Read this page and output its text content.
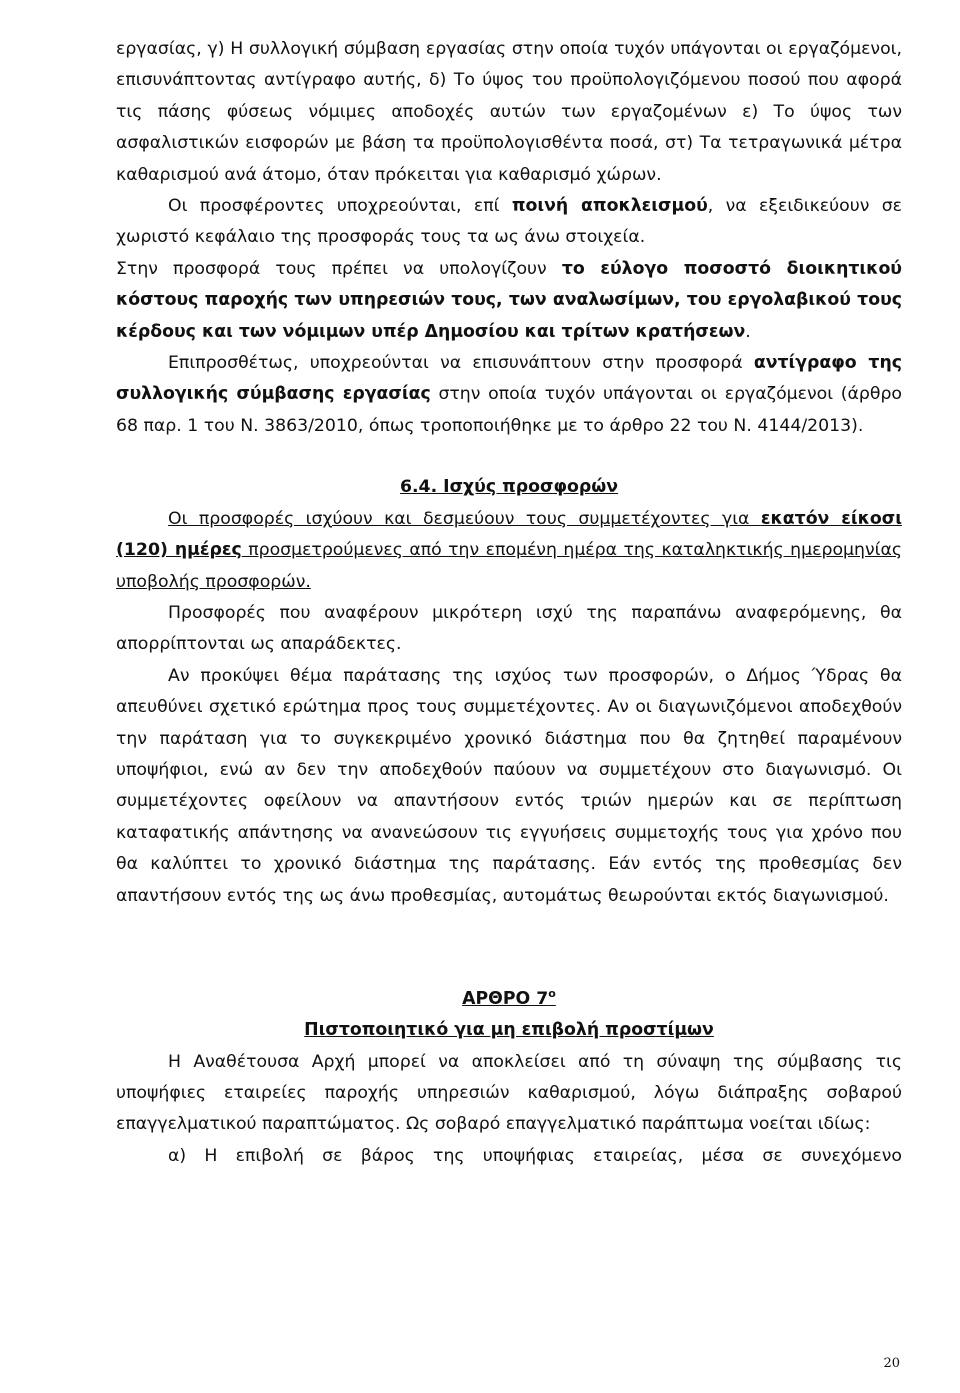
εργασίας, γ) Η συλλογική σύμβαση εργασίας στην οποία τυχόν υπάγονται οι εργαζόμενοι, επισυνάπτοντας αντίγραφο αυτής, δ) Το ύψος του προϋπολογιζόμενου ποσού που αφορά τις πάσης φύσεως νόμιμες αποδοχές αυτών των εργαζομένων ε) Το ύψος των ασφαλιστικών εισφορών με βάση τα προϋπολογισθέντα ποσά, στ) Τα τετραγωνικά μέτρα καθαρισμού ανά άτομο, όταν πρόκειται για καθαρισμό χώρων.

Οι προσφέροντες υποχρεούνται, επί ποινή αποκλεισμού, να εξειδικεύουν σε χωριστό κεφάλαιο της προσφοράς τους τα ως άνω στοιχεία.

Στην προσφορά τους πρέπει να υπολογίζουν το εύλογο ποσοστό διοικητικού κόστους παροχής των υπηρεσιών τους, των αναλωσίμων, του εργολαβικού τους κέρδους και των νόμιμων υπέρ Δημοσίου και τρίτων κρατήσεων.

Επιπροσθέτως, υποχρεούνται να επισυνάπτουν στην προσφορά αντίγραφο της συλλογικής σύμβασης εργασίας στην οποία τυχόν υπάγονται οι εργαζόμενοι (άρθρο 68 παρ. 1 του Ν. 3863/2010, όπως τροποποιήθηκε με το άρθρο 22 του Ν. 4144/2013).

6.4. Ισχύς προσφορών

Οι προσφορές ισχύουν και δεσμεύουν τους συμμετέχοντες για εκατόν είκοσι (120) ημέρες προσμετρούμενες από την επομένη ημέρα της καταληκτικής ημερομηνίας υποβολής προσφορών.

Προσφορές που αναφέρουν μικρότερη ισχύ της παραπάνω αναφερόμενης, θα απορρίπτονται ως απαράδεκτες.

Αν προκύψει θέμα παράτασης της ισχύος των προσφορών, ο Δήμος Ύδρας θα απευθύνει σχετικό ερώτημα προς τους συμμετέχοντες. Αν οι διαγωνιζόμενοι αποδεχθούν την παράταση για το συγκεκριμένο χρονικό διάστημα που θα ζητηθεί παραμένουν υποψήφιοι, ενώ αν δεν την αποδεχθούν παύουν να συμμετέχουν στο διαγωνισμό. Οι συμμετέχοντες οφείλουν να απαντήσουν εντός τριών ημερών και σε περίπτωση καταφατικής απάντησης να ανανεώσουν τις εγγυήσεις συμμετοχής τους για χρόνο που θα καλύπτει το χρονικό διάστημα της παράτασης. Εάν εντός της προθεσμίας δεν απαντήσουν εντός της ως άνω προθεσμίας, αυτομάτως θεωρούνται εκτός διαγωνισμού.

ΑΡΘΡΟ $7^o$

Πιστοποιητικό για μη επιβολή προστίμων

Η Αναθέτουσα Αρχή μπορεί να αποκλείσει από τη σύναψη της σύμβασης τις υποψήφιες εταιρείες παροχής υπηρεσιών καθαρισμού, λόγω διάπραξης σοβαρού επαγγελματικού παραπτώματος. Ως σοβαρό επαγγελματικό παράπτωμα νοείται ιδίως:

α) Η επιβολή σε βάρος της υποψήφιας εταιρείας, μέσα σε συνεχόμενο

20
